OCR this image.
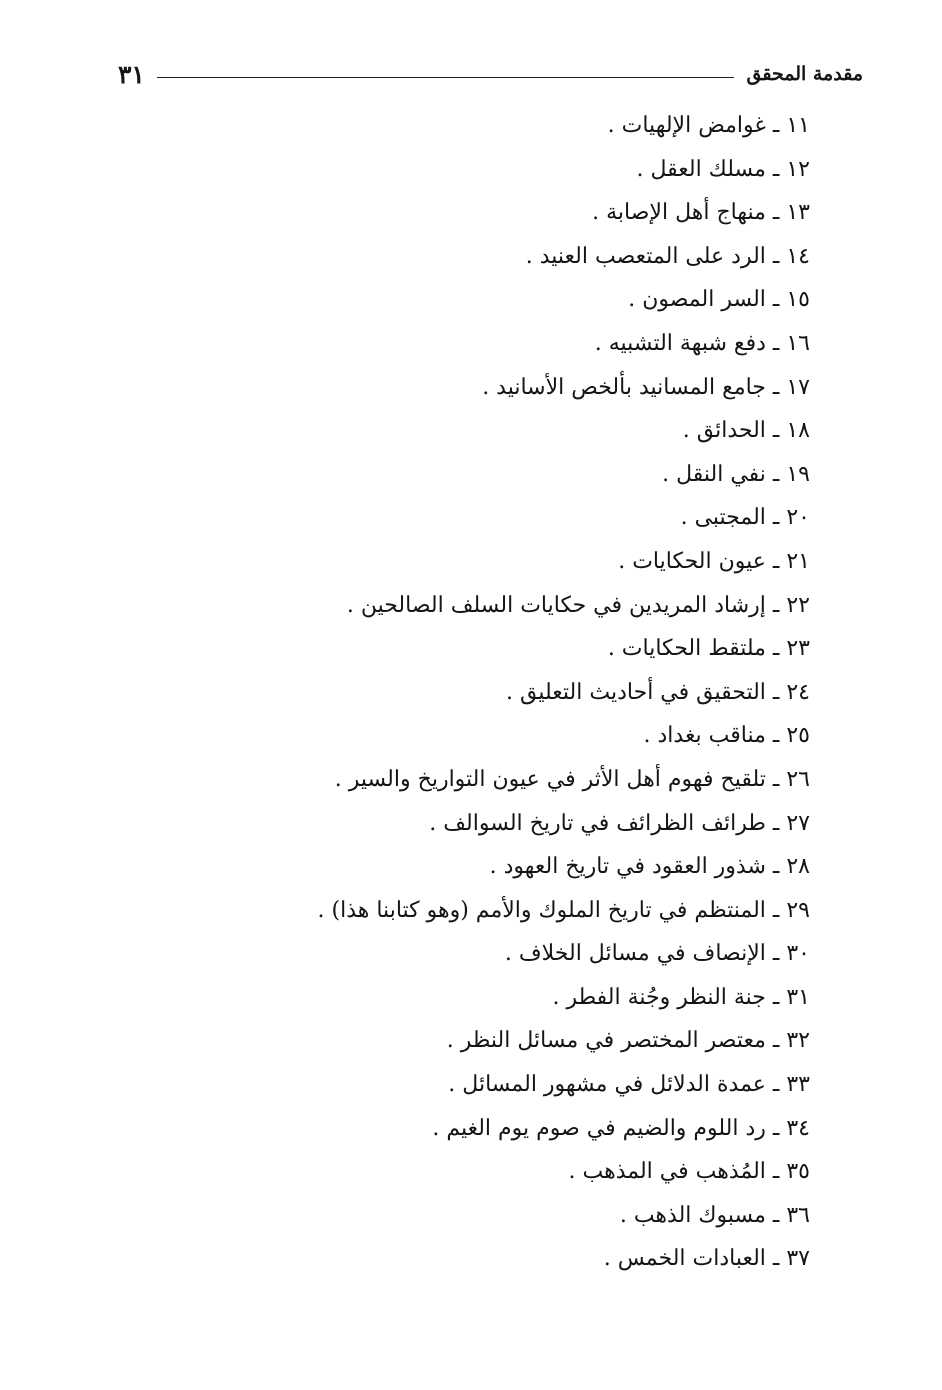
مقدمة المحقق
٣١
١١ ـ غوامض الإلهيات .
١٢ ـ مسلك العقل .
١٣ ـ منهاج أهل الإصابة .
١٤ ـ الرد على المتعصب العنيد .
١٥ ـ السر المصون .
١٦ ـ دفع شبهة التشبيه .
١٧ ـ جامع المسانيد بألخص الأسانيد .
١٨ ـ الحدائق .
١٩ ـ نفي النقل .
٢٠ ـ المجتبى .
٢١ ـ عيون الحكايات .
٢٢ ـ إرشاد المريدين في حكايات السلف الصالحين .
٢٣ ـ ملتقط الحكايات .
٢٤ ـ التحقيق في أحاديث التعليق .
٢٥ ـ مناقب بغداد .
٢٦ ـ تلقيح فهوم أهل الأثر في عيون التواريخ والسير .
٢٧ ـ طرائف الظرائف في تاريخ السوالف .
٢٨ ـ شذور العقود في تاريخ العهود .
٢٩ ـ المنتظم في تاريخ الملوك والأمم (وهو كتابنا هذا) .
٣٠ ـ الإنصاف في مسائل الخلاف .
٣١ ـ جنة النظر وجُنة الفطر .
٣٢ ـ معتصر المختصر في مسائل النظر .
٣٣ ـ عمدة الدلائل في مشهور المسائل .
٣٤ ـ رد اللوم والضيم في صوم يوم الغيم .
٣٥ ـ المُذهب في المذهب .
٣٦ ـ مسبوك الذهب .
٣٧ ـ العبادات الخمس .
